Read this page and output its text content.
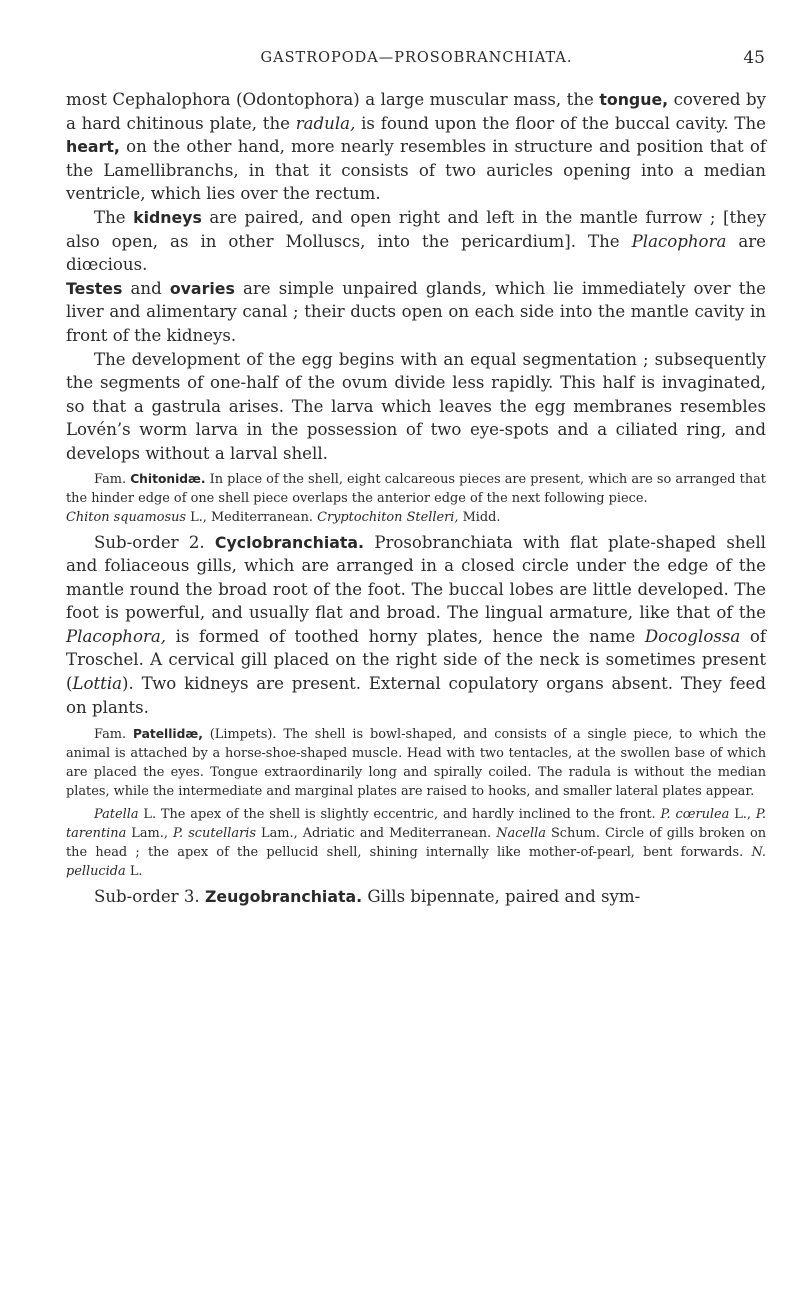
GASTROPODA—PROSOBRANCHIATA.	45

most Cephalophora (Odontophora) a large muscular mass, the tongue, covered by a hard chitinous plate, the radula, is found upon the floor of the buccal cavity. The heart, on the other hand, more nearly resembles in structure and position that of the Lamellibranchs, in that it consists of two auricles opening into a median ventricle, which lies over the rectum.

The kidneys are paired, and open right and left in the mantle furrow ; [they also open, as in other Molluscs, into the pericardium]. The Placophora are diœcious.

Testes and ovaries are simple unpaired glands, which lie immediately over the liver and alimentary canal ; their ducts open on each side into the mantle cavity in front of the kidneys.

The development of the egg begins with an equal segmentation ; subsequently the segments of one-half of the ovum divide less rapidly. This half is invaginated, so that a gastrula arises. The larva which leaves the egg membranes resembles Lovén’s worm larva in the possession of two eye-spots and a ciliated ring, and develops without a larval shell.

Fam. Chitonidæ. In place of the shell, eight calcareous pieces are present, which are so arranged that the hinder edge of one shell piece overlaps the anterior edge of the next following piece.
Chiton squamosus L., Mediterranean. Cryptochiton Stelleri, Midd.

Sub-order 2. Cyclobranchiata. Prosobranchiata with flat plate-shaped shell and foliaceous gills, which are arranged in a closed circle under the edge of the mantle round the broad root of the foot. The buccal lobes are little developed. The foot is powerful, and usually flat and broad. The lingual armature, like that of the Placophora, is formed of toothed horny plates, hence the name Docoglossa of Troschel. A cervical gill placed on the right side of the neck is sometimes present (Lottia). Two kidneys are present. External copulatory organs absent. They feed on plants.

Fam. Patellidæ, (Limpets). The shell is bowl-shaped, and consists of a single piece, to which the animal is attached by a horse-shoe-shaped muscle. Head with two tentacles, at the swollen base of which are placed the eyes. Tongue extraordinarily long and spirally coiled. The radula is without the median plates, while the intermediate and marginal plates are raised to hooks, and smaller lateral plates appear.

Patella L. The apex of the shell is slightly eccentric, and hardly inclined to the front. P. cœrulea L., P. tarentina Lam., P. scutellaris Lam., Adriatic and Mediterranean. Nacella Schum. Circle of gills broken on the head ; the apex of the pellucid shell, shining internally like mother-of-pearl, bent forwards. N. pellucida L.

Sub-order 3. Zeugobranchiata. Gills bipennate, paired and sym-
